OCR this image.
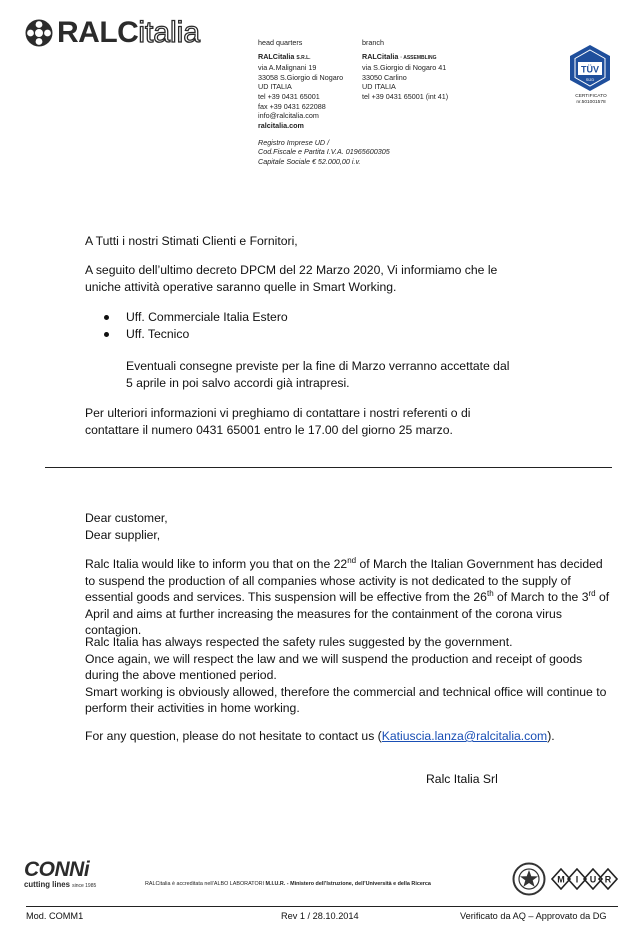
RALCitalia	head quarters
RALCitalia S.R.L.
via A.Malignani 19
33058 S.Giorgio di Nogaro
UD ITALIA
tel +39 0431 65001
fax +39 0431 622088
info@ralcitalia.com
ralcitalia.com
branch
RALCitalia · ASSEMBLING
via S.Giorgio di Nogaro 41
33050 Carlino
UD ITALIA
tel +39 0431 65001 (int 41)
Registro Imprese UD /
Cod.Fiscale e Partita I.V.A. 01965600305
Capitale Sociale € 52.000,00 i.v.
TÜV
SÜD
CERTIFICATO
nr.501001578
A Tutti i nostri Stimati Clienti e Fornitori,
A seguito dell’ultimo decreto DPCM del 22 Marzo 2020, Vi informiamo che le uniche attività operative saranno quelle in Smart Working.
Uff. Commerciale Italia Estero
Uff. Tecnico
Eventuali consegne previste per la fine di Marzo verranno accettate dal 5 aprile in poi salvo accordi già intrapresi.
Per ulteriori informazioni vi preghiamo di contattare i nostri referenti o di contattare il numero 0431 65001 entro le 17.00 del giorno 25 marzo.
Dear customer,
Dear supplier,
Ralc Italia would like to inform you that on the 22nd of March the Italian Government has decided to suspend the production of all companies whose activity is not dedicated to the supply of essential goods and services. This suspension will be effective from the 26th of March to the 3rd of April and aims at further increasing the measures for the containment of the corona virus contagion.
Ralc Italia has always respected the safety rules suggested by the government.
Once again, we will respect the law and we will suspend the production and receipt of goods during the above mentioned period.
Smart working is obviously allowed, therefore the commercial and technical office will continue to perform their activities in home working.
For any question, please do not hesitate to contact us (Katiuscia.lanza@ralcitalia.com).
Ralc Italia Srl
CONNi
cutting lines since 1985	RALCitalia è accreditata nell’ALBO LABORATORI M.I.U.R. - Ministero dell’Istruzione, dell’Università e della Ricerca	M I U R
Mod. COMM1	Rev 1 / 28.10.2014	Verificato da AQ – Approvato da DG
